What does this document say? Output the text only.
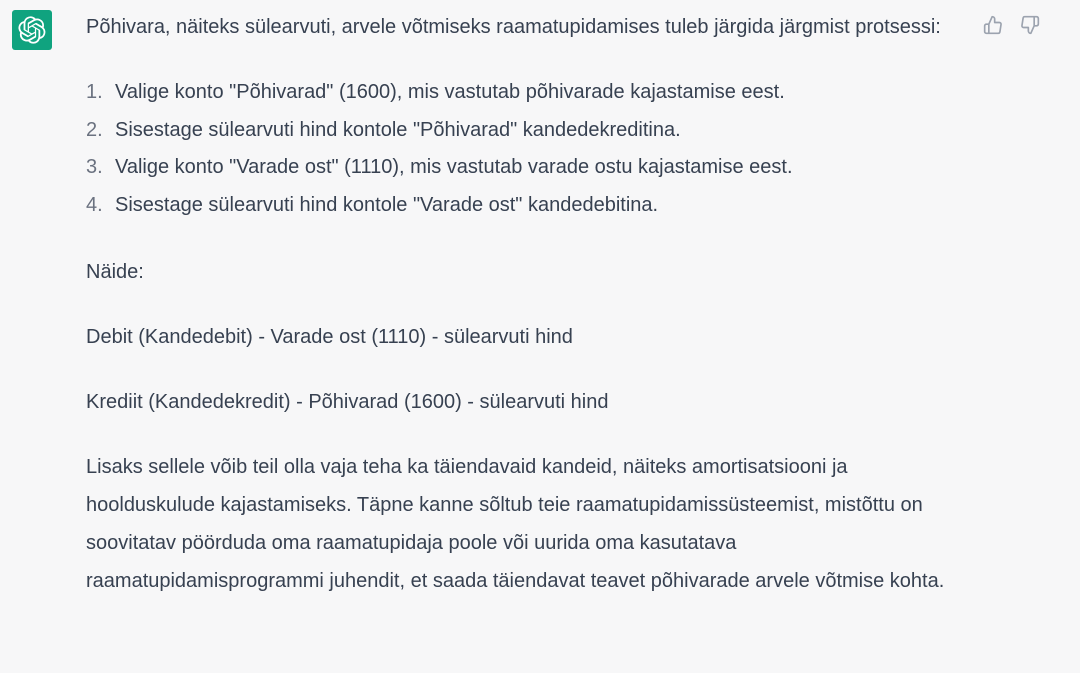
Põhivara, näiteks sülearvuti, arvele võtmiseks raamatupidamises tuleb järgida järgmist protsessi:

1. Valige konto "Põhivarad" (1600), mis vastutab põhivarade kajastamise eest.
2. Sisestage sülearvuti hind kontole "Põhivarad" kandedekreditina.
3. Valige konto "Varade ost" (1110), mis vastutab varade ostu kajastamise eest.
4. Sisestage sülearvuti hind kontole "Varade ost" kandedebitina.

Näide:

Debit (Kandedebit) - Varade ost (1110) - sülearvuti hind

Krediit (Kandedekredit) - Põhivarad (1600) - sülearvuti hind

Lisaks sellele võib teil olla vaja teha ka täiendavaid kandeid, näiteks amortisatsiooni ja hoolduskulude kajastamiseks. Täpne kanne sõltub teie raamatupidamissüsteemist, mistõttu on soovitatav pöörduda oma raamatupidaja poole või uurida oma kasutatava raamatupidamisprogrammi juhendit, et saada täiendavat teavet põhivarade arvele võtmise kohta.
